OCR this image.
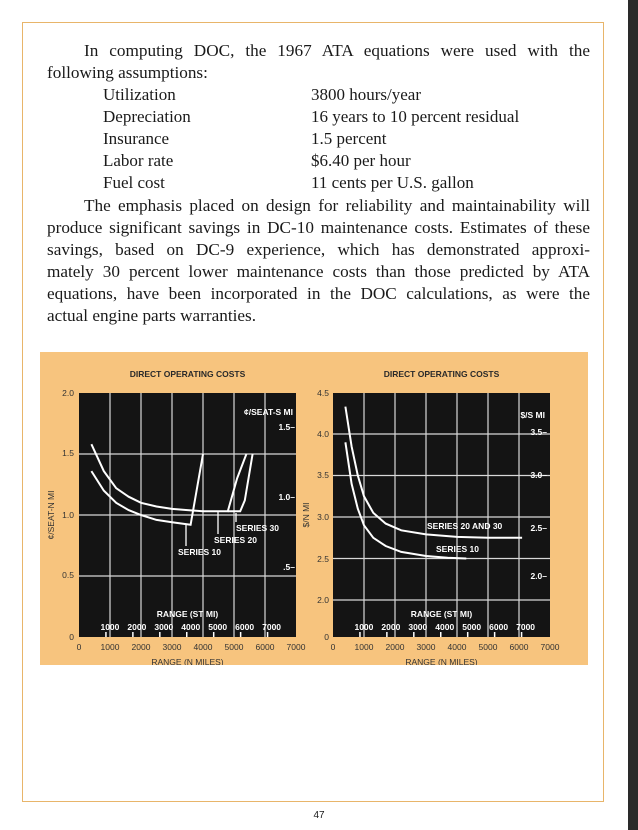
In computing DOC, the 1967 ATA equations were used with the
following assumptions:
Utilization	3800 hours/year
Depreciation	16 years to 10 percent residual
Insurance	1.5 percent
Labor rate	$6.40 per hour
Fuel cost	11 cents per U.S. gallon
The emphasis placed on design for reliability and maintainability will
produce significant savings in DC-10 maintenance costs. Estimates of these
savings, based on DC-9 experience, which has demonstrated approxi-
mately 30 percent lower maintenance costs than those predicted by ATA
equations, have been incorporated in the DOC calculations, as were the
actual engine parts warranties.
DIRECT OPERATING COSTS
0
0.5
1.0
1.5
2.0
0 1000 2000 3000 4000 5000 6000 7000
RANGE (N MILES)
¢/SEAT-N MI
¢/SEAT-S MI
1.5–
1.0–
.5–
RANGE (ST MI)
1000 2000 3000 4000 5000 6000 7000
SERIES 30
SERIES 20
SERIES 10
DIRECT OPERATING COSTS
0
2.0
2.5
3.0
3.5
4.0
4.5
0 1000 2000 3000 4000 5000 6000 7000
RANGE (N MILES)
$/N MI
$/S MI
3.5–
3.0–
2.5–
2.0–
RANGE (ST MI)
1000 2000 3000 4000 5000 6000 7000
SERIES 20 AND 30
SERIES 10
47
